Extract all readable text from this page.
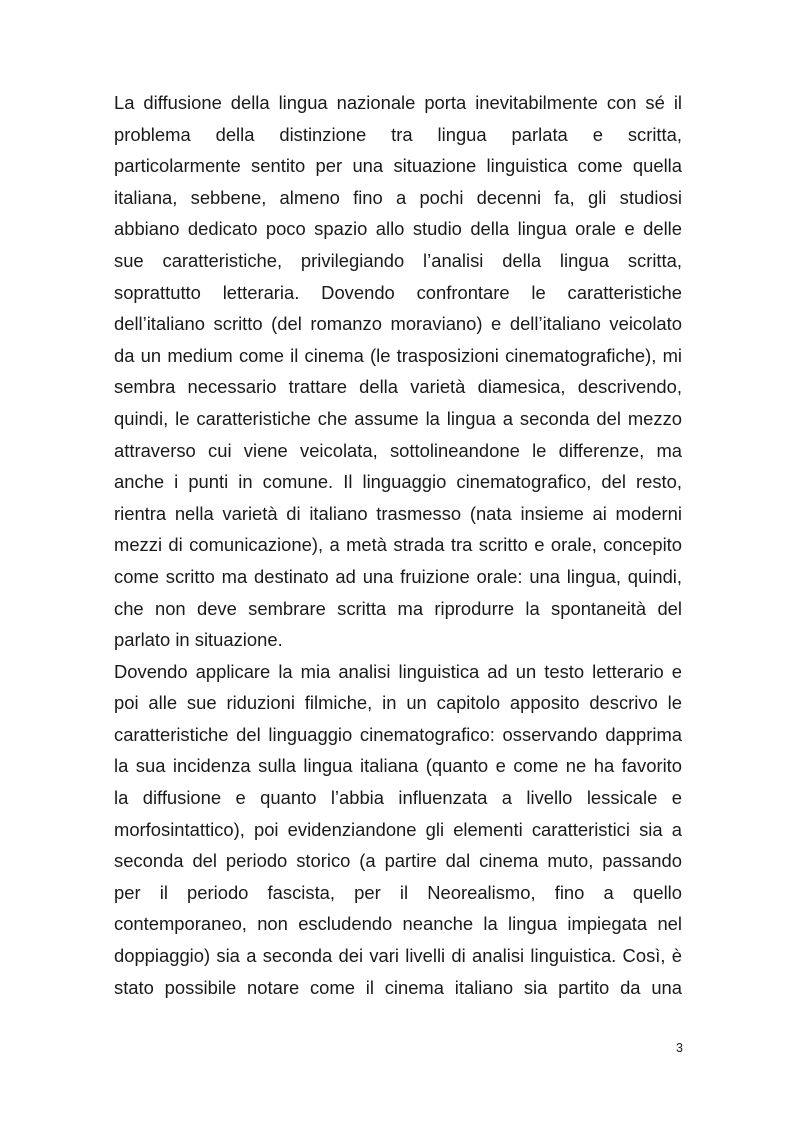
La diffusione della lingua nazionale porta inevitabilmente con sé il
problema della distinzione tra lingua parlata e scritta,
particolarmente sentito per una situazione linguistica come quella
italiana, sebbene, almeno fino a pochi decenni fa, gli studiosi
abbiano dedicato poco spazio allo studio della lingua orale e delle
sue caratteristiche, privilegiando l’analisi della lingua scritta,
soprattutto letteraria. Dovendo confrontare le caratteristiche
dell’italiano scritto (del romanzo moraviano) e dell’italiano veicolato
da un medium come il cinema (le trasposizioni cinematografiche), mi
sembra necessario trattare della varietà diamesica, descrivendo,
quindi, le caratteristiche che assume la lingua a seconda del mezzo
attraverso cui viene veicolata, sottolineandone le differenze, ma
anche i punti in comune. Il linguaggio cinematografico, del resto,
rientra nella varietà di italiano trasmesso (nata insieme ai moderni
mezzi di comunicazione), a metà strada tra scritto e orale, concepito
come scritto ma destinato ad una fruizione orale: una lingua, quindi,
che non deve sembrare scritta ma riprodurre la spontaneità del
parlato in situazione.
Dovendo applicare la mia analisi linguistica ad un testo letterario e
poi alle sue riduzioni filmiche, in un capitolo apposito descrivo le
caratteristiche del linguaggio cinematografico: osservando dapprima
la sua incidenza sulla lingua italiana (quanto e come ne ha favorito
la diffusione e quanto l’abbia influenzata a livello lessicale e
morfosintattico), poi evidenziandone gli elementi caratteristici sia a
seconda del periodo storico (a partire dal cinema muto, passando
per il periodo fascista, per il Neorealismo, fino a quello
contemporaneo, non escludendo neanche la lingua impiegata nel
doppiaggio) sia a seconda dei vari livelli di analisi linguistica. Così, è
stato possibile notare come il cinema italiano sia partito da una
3
